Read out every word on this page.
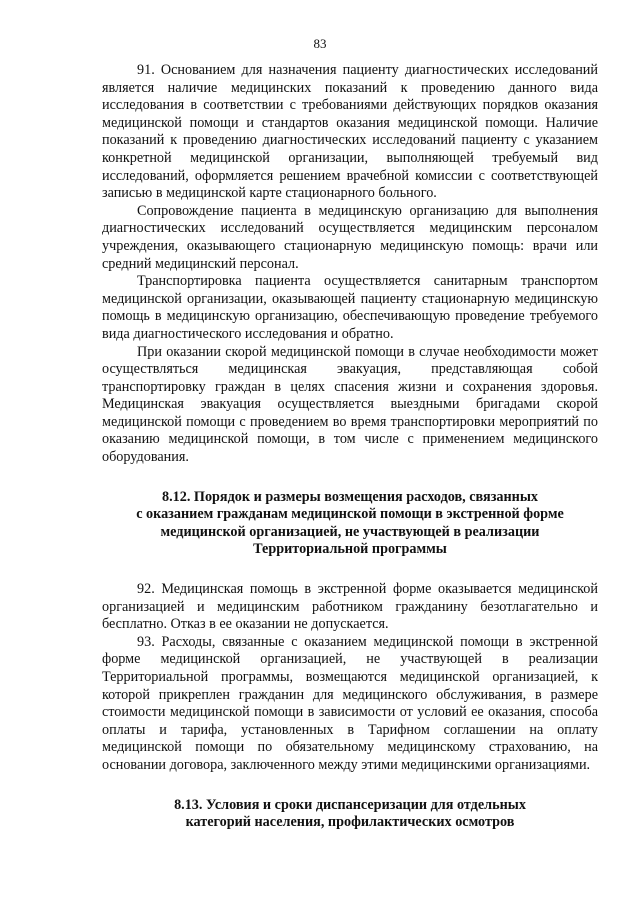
83

91. Основанием для назначения пациенту диагностических исследований является наличие медицинских показаний к проведению данного вида исследования в соответствии с требованиями действующих порядков оказания медицинской помощи и стандартов оказания медицинской помощи. Наличие показаний к проведению диагностических исследований пациенту с указанием конкретной медицинской организации, выполняющей требуемый вид исследований, оформляется решением врачебной комиссии с соответствующей записью в медицинской карте стационарного больного.

Сопровождение пациента в медицинскую организацию для выполнения диагностических исследований осуществляется медицинским персоналом учреждения, оказывающего стационарную медицинскую помощь: врачи или средний медицинский персонал.

Транспортировка пациента осуществляется санитарным транспортом медицинской организации, оказывающей пациенту стационарную медицинскую помощь в медицинскую организацию, обеспечивающую проведение требуемого вида диагностического исследования и обратно.

При оказании скорой медицинской помощи в случае необходимости может осуществляться медицинская эвакуация, представляющая собой транспортировку граждан в целях спасения жизни и сохранения здоровья. Медицинская эвакуация осуществляется выездными бригадами скорой медицинской помощи с проведением во время транспортировки мероприятий по оказанию медицинской помощи, в том числе с применением медицинского оборудования.

8.12. Порядок и размеры возмещения расходов, связанных
с оказанием гражданам медицинской помощи в экстренной форме
медицинской организацией, не участвующей в реализации
Территориальной программы

92. Медицинская помощь в экстренной форме оказывается медицинской организацией и медицинским работником гражданину безотлагательно и бесплатно. Отказ в ее оказании не допускается.

93. Расходы, связанные с оказанием медицинской помощи в экстренной форме медицинской организацией, не участвующей в реализации Территориальной программы, возмещаются медицинской организацией, к которой прикреплен гражданин для медицинского обслуживания, в размере стоимости медицинской помощи в зависимости от условий ее оказания, способа оплаты и тарифа, установленных в Тарифном соглашении на оплату медицинской помощи по обязательному медицинскому страхованию, на основании договора, заключенного между этими медицинскими организациями.

8.13. Условия и сроки диспансеризации для отдельных
категорий населения, профилактических осмотров
